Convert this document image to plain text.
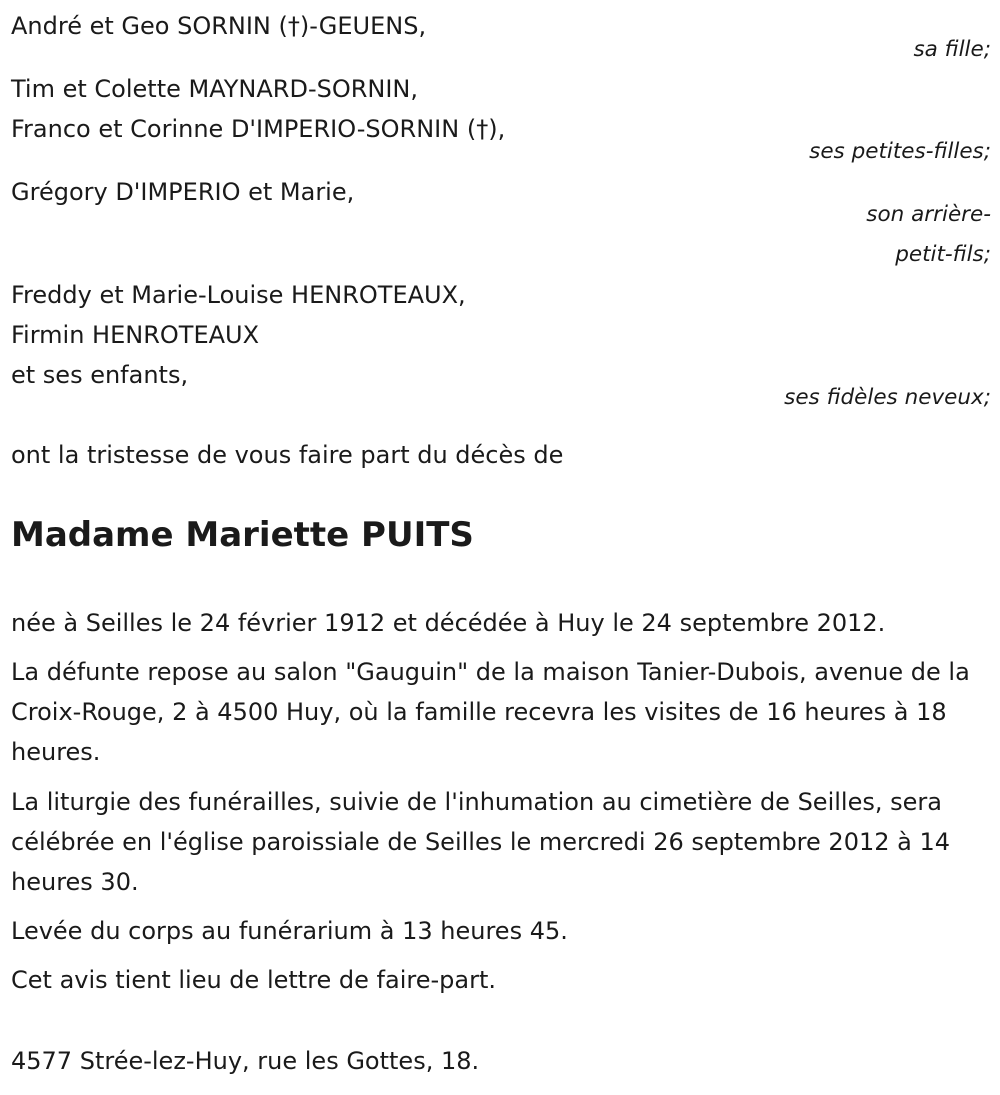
André et Geo SORNIN (†)-GEUENS,
sa fille;
Tim et Colette MAYNARD-SORNIN,
Franco et Corinne D'IMPERIO-SORNIN (†),
ses petites-filles;
Grégory D'IMPERIO et Marie,
son arrière-
petit-fils;
Freddy et Marie-Louise HENROTEAUX,
Firmin HENROTEAUX
et ses enfants,
ses fidèles neveux;
ont la tristesse de vous faire part du décès de
Madame Mariette PUITS
née à Seilles le 24 février 1912 et décédée à Huy le 24 septembre 2012.
La défunte repose au salon "Gauguin" de la maison Tanier-Dubois, avenue de la Croix-Rouge, 2 à 4500 Huy, où la famille recevra les visites de 16 heures à 18 heures.
La liturgie des funérailles, suivie de l'inhumation au cimetière de Seilles, sera célébrée en l'église paroissiale de Seilles le mercredi 26 septembre 2012 à 14 heures 30.
Levée du corps au funérarium à 13 heures 45.
Cet avis tient lieu de lettre de faire-part.
4577 Strée-lez-Huy, rue les Gottes, 18.
